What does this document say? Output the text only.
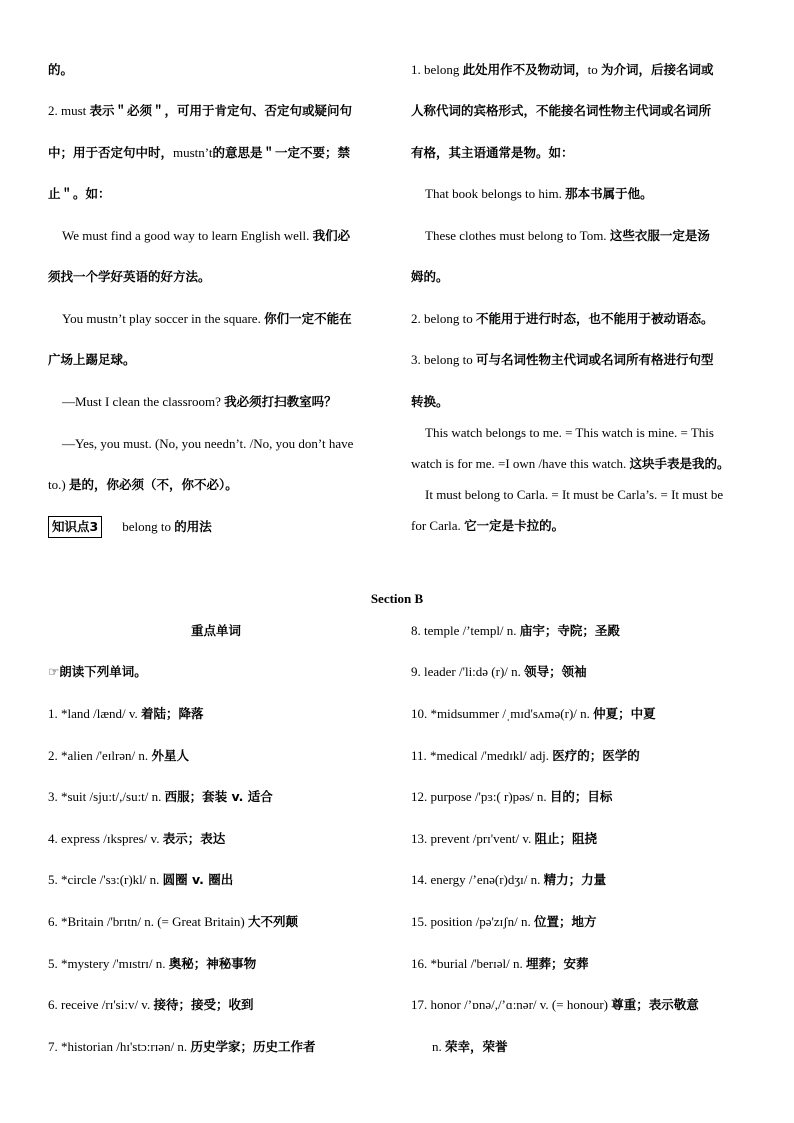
的。
2. must 表示＂必须＂，可用于肯定句、否定句或疑问句
中；用于否定句中时，mustn’t的意思是＂一定不要；禁
止＂。如：
We must find a good way to learn English well. 我们必
须找一个学好英语的好方法。
You mustn’t play soccer in the square. 你们一定不能在
广场上踢足球。
—Must I clean the classroom? 我必须打扫教室吗？
—Yes, you must. (No, you needn’t. /No, you don’t have
to.) 是的，你必须（不，你不必）。
知识点3 belong to 的用法
1. belong 此处用作不及物动词，to 为介词，后接名词或
人称代词的宾格形式，不能接名词性物主代词或名词所
有格，其主语通常是物。如：
That book belongs to him. 那本书属于他。
These clothes must belong to Tom. 这些衣服一定是汤
姆的。
2. belong to 不能用于进行时态，也不能用于被动语态。
3. belong to 可与名词性物主代词或名词所有格进行句型
转换。
This watch belongs to me. = This watch is mine. = This
watch is for me. =I own /have this watch. 这块手表是我的。
It must belong to Carla. = It must be Carla’s. = It must be
for Carla. 它一定是卡拉的。
Section B
重点单词
☞朗读下列单词。
1. *land /lænd/ v. 着陆；降落
2. *alien /'eɪlrən/ n. 外星人
3. *suit /sju:t/,/su:t/ n. 西服；套装 v. 适合
4. express /ɪkspres/ v. 表示；表达
5. *circle /'sɜ:(r)kl/ n. 圆圈 v. 圈出
6. *Britain /'brɪtn/ n. (= Great Britain) 大不列颠
5. *mystery /'mɪstrɪ/ n. 奥秘；神秘事物
6. receive /rɪ'si:v/ v. 接待；接受；收到
7. *historian /hɪ'stɔ:rɪən/ n. 历史学家；历史工作者
8. temple /’templ/ n. 庙宇；寺院；圣殿
9. leader /'li:də (r)/ n. 领导；领袖
10. *midsummer /ˌmɪd'sʌmə(r)/ n. 仲夏；中夏
11. *medical /'medɪkl/ adj. 医疗的；医学的
12. purpose /'pɜ:( r)pəs/ n. 目的；目标
13. prevent /prɪ'vent/ v. 阻止；阻挠
14. energy /’enə(r)dʒɪ/ n. 精力；力量
15. position /pə'zɪʃn/ n. 位置；地方
16. *burial /'berɪəl/ n. 埋葬；安葬
17. honor /’ɒnə/,/’ɑ:nər/ v. (= honour) 尊重；表示敬意
n. 荣幸，荣誉
